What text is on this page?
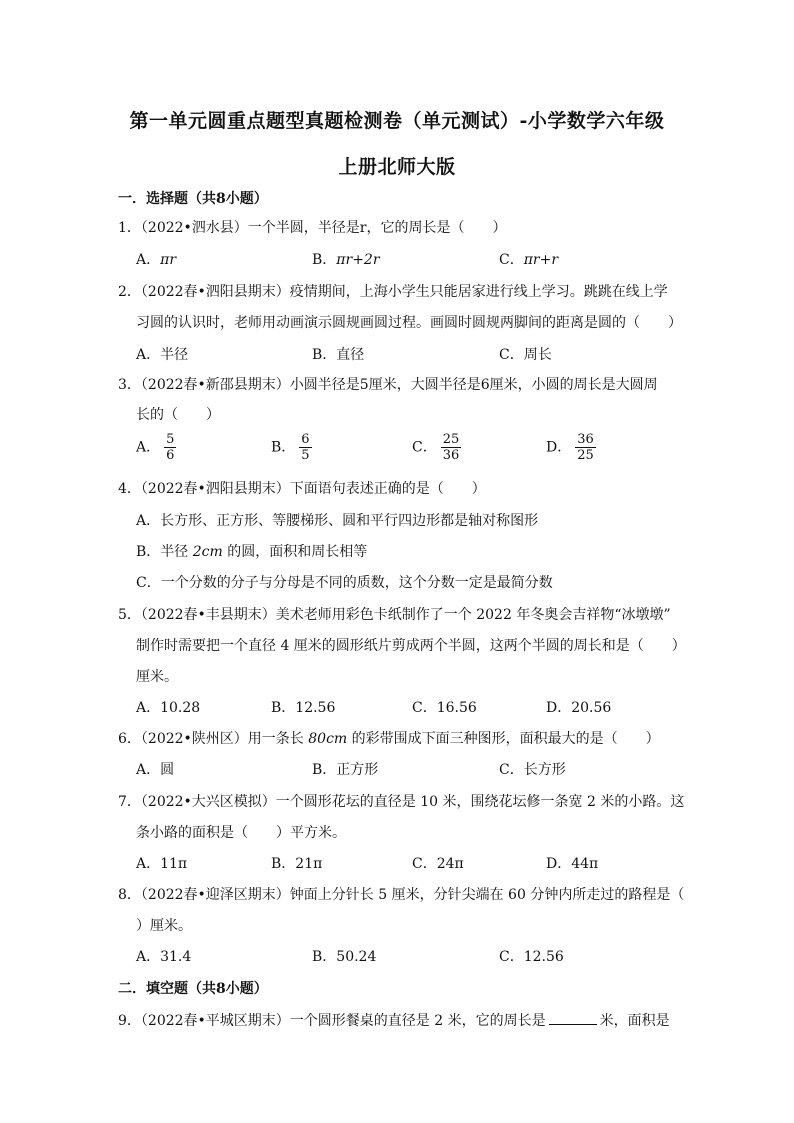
第一单元圆重点题型真题检测卷（单元测试）-小学数学六年级
上册北师大版
一．选择题（共8小题）
1．（2022•泗水县）一个半圆，半径是r，它的周长是（　　）
A．πr	B．πr+2r	C．πr+r
2．（2022春•泗阳县期末）疫情期间，上海小学生只能居家进行线上学习。跳跳在线上学
习圆的认识时，老师用动画演示圆规画圆过程。画圆时圆规两脚间的距离是圆的（　　）
A．半径	B．直径	C．周长
3．（2022春•新邵县期末）小圆半径是5厘米，大圆半径是6厘米，小圆的周长是大圆周
长的（　　）
A． $\frac{5}{6}$	B． $\frac{6}{5}$	C． $\frac{25}{36}$	D． $\frac{36}{25}$
4．（2022春•泗阳县期末）下面语句表述正确的是（　　）
A．长方形、正方形、等腰梯形、圆和平行四边形都是轴对称图形
B．半径 2cm 的圆，面积和周长相等
C．一个分数的分子与分母是不同的质数，这个分数一定是最简分数
5．（2022春•丰县期末）美术老师用彩色卡纸制作了一个 2022 年冬奥会吉祥物“冰墩墩”
制作时需要把一个直径 4 厘米的圆形纸片剪成两个半圆，这两个半圆的周长和是（　　）
厘米。
A．10.28	B．12.56	C．16.56	D．20.56
6．（2022•陕州区）用一条长 80cm 的彩带围成下面三种图形，面积最大的是（　　）
A．圆	B．正方形	C．长方形
7．（2022•大兴区模拟）一个圆形花坛的直径是 10 米，围绕花坛修一条宽 2 米的小路。这
条小路的面积是（　　）平方米。
A．11π	B．21π	C．24π	D．44π
8．（2022春•迎泽区期末）钟面上分针长 5 厘米，分针尖端在 60 分钟内所走过的路程是（
）厘米。
A．31.4	B．50.24	C．12.56
二．填空题（共8小题）
9．（2022春•平城区期末）一个圆形餐桌的直径是 2 米，它的周长是	米，面积是
